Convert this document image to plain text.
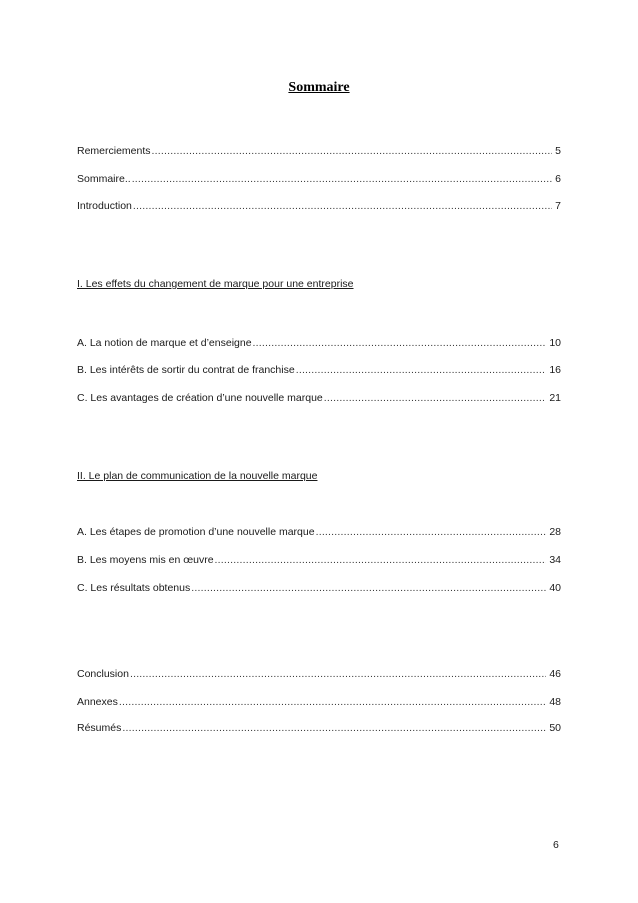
Sommaire
Remerciements .....	5
Sommaire.. .....	6
Introduction .....	7
I. Les effets du changement de marque pour une entreprise
A. La notion de marque et d’enseigne .....	10
B. Les intérêts de sortir du contrat de franchise .....	16
C. Les avantages de création d’une nouvelle marque .....	21
II. Le plan de communication de la nouvelle marque
A. Les étapes de promotion d’une nouvelle marque .....	28
B. Les moyens mis en œuvre .....	34
C. Les résultats obtenus .....	40
Conclusion .....	46
Annexes .....	48
Résumés .....	50
6
